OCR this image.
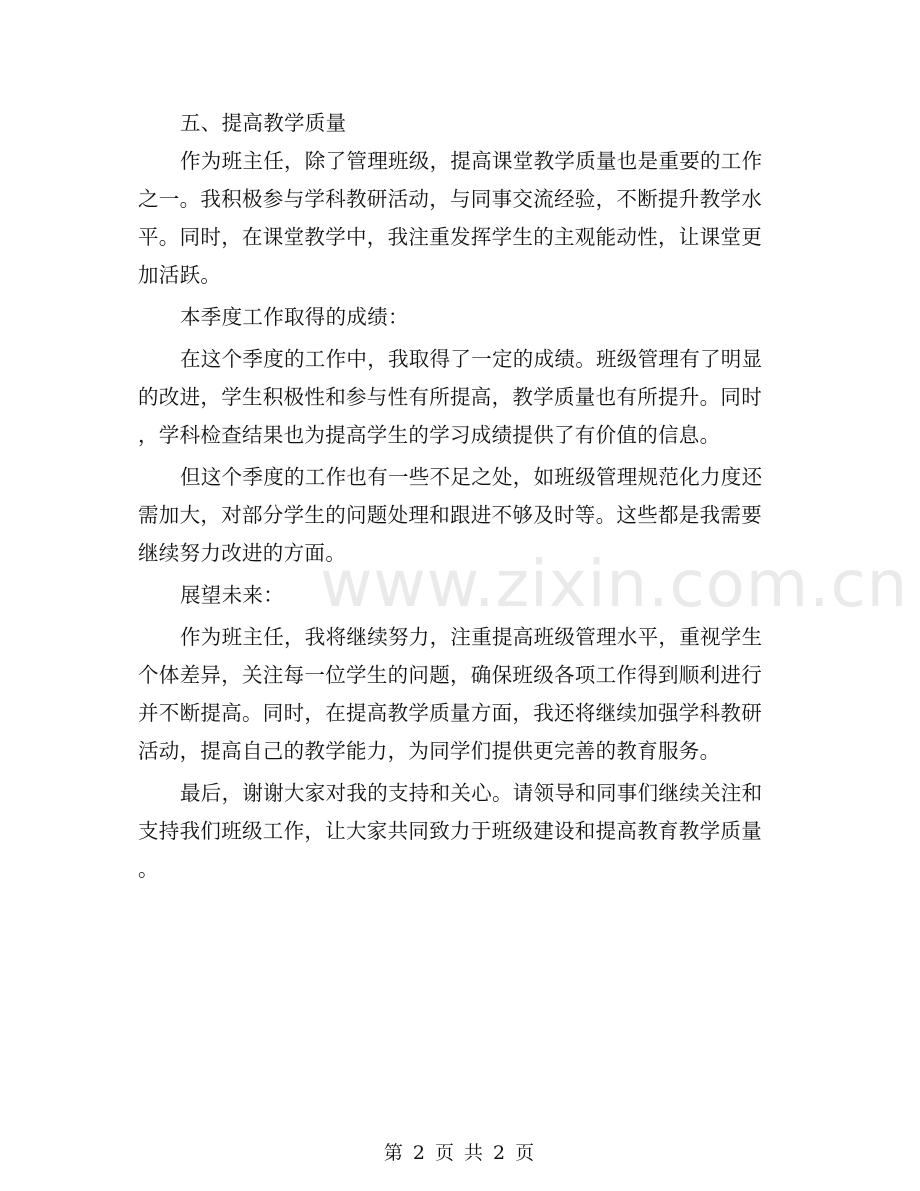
五、提高教学质量

作为班主任，除了管理班级，提高课堂教学质量也是重要的工作
之一。我积极参与学科教研活动，与同事交流经验，不断提升教学水
平。同时，在课堂教学中，我注重发挥学生的主观能动性，让课堂更
加活跃。

本季度工作取得的成绩：

在这个季度的工作中，我取得了一定的成绩。班级管理有了明显
的改进，学生积极性和参与性有所提高，教学质量也有所提升。同时
，学科检查结果也为提高学生的学习成绩提供了有价值的信息。

但这个季度的工作也有一些不足之处，如班级管理规范化力度还
需加大，对部分学生的问题处理和跟进不够及时等。这些都是我需要
继续努力改进的方面。

展望未来：

作为班主任，我将继续努力，注重提高班级管理水平，重视学生
个体差异，关注每一位学生的问题，确保班级各项工作得到顺利进行
并不断提高。同时，在提高教学质量方面，我还将继续加强学科教研
活动，提高自己的教学能力，为同学们提供更完善的教育服务。

最后，谢谢大家对我的支持和关心。请领导和同事们继续关注和
支持我们班级工作，让大家共同致力于班级建设和提高教育教学质量
。

www.zixin.com.cn
第 2 页 共 2 页
